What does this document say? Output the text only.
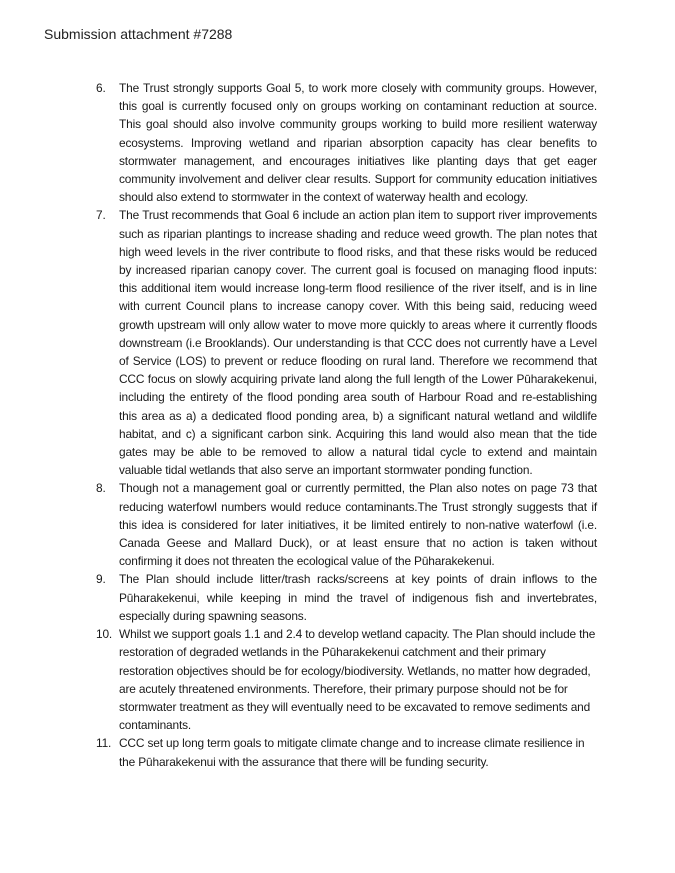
Submission attachment #7288
6.	The Trust strongly supports Goal 5, to work more closely with community groups. However, this goal is currently focused only on groups working on contaminant reduction at source. This goal should also involve community groups working to build more resilient waterway ecosystems. Improving wetland and riparian absorption capacity has clear benefits to stormwater management, and encourages initiatives like planting days that get eager community involvement and deliver clear results. Support for community education initiatives should also extend to stormwater in the context of waterway health and ecology.
7.	The Trust recommends that Goal 6 include an action plan item to support river improvements such as riparian plantings to increase shading and reduce weed growth. The plan notes that high weed levels in the river contribute to flood risks, and that these risks would be reduced by increased riparian canopy cover. The current goal is focused on managing flood inputs: this additional item would increase long-term flood resilience of the river itself, and is in line with current Council plans to increase canopy cover. With this being said, reducing weed growth upstream will only allow water to move more quickly to areas where it currently floods downstream (i.e Brooklands). Our understanding is that CCC does not currently have a Level of Service (LOS) to prevent or reduce flooding on rural land. Therefore we recommend that CCC focus on slowly acquiring private land along the full length of the Lower Pūharakekenui, including the entirety of the flood ponding area south of Harbour Road and re-establishing this area as a) a dedicated flood ponding area, b) a significant natural wetland and wildlife habitat, and c) a significant carbon sink. Acquiring this land would also mean that the tide gates may be able to be removed to allow a natural tidal cycle to extend and maintain valuable tidal wetlands that also serve an important stormwater ponding function.
8.	Though not a management goal or currently permitted, the Plan also notes on page 73 that reducing waterfowl numbers would reduce contaminants.The Trust strongly suggests that if this idea is considered for later initiatives, it be limited entirely to non-native waterfowl (i.e. Canada Geese and Mallard Duck), or at least ensure that no action is taken without confirming it does not threaten the ecological value of the Pūharakekenui.
9.	The Plan should include litter/trash racks/screens at key points of drain inflows to the Pūharakekenui, while keeping in mind the travel of indigenous fish and invertebrates, especially during spawning seasons.
10. Whilst we support goals 1.1 and 2.4 to develop wetland capacity. The Plan should include the restoration of degraded wetlands in the Pūharakekenui catchment and their primary restoration objectives should be for ecology/biodiversity. Wetlands, no matter how degraded, are acutely threatened environments. Therefore, their primary purpose should not be for stormwater treatment as they will eventually need to be excavated to remove sediments and contaminants.
11. CCC set up long term goals to mitigate climate change and to increase climate resilience in the Pūharakekenui with the assurance that there will be funding security.
